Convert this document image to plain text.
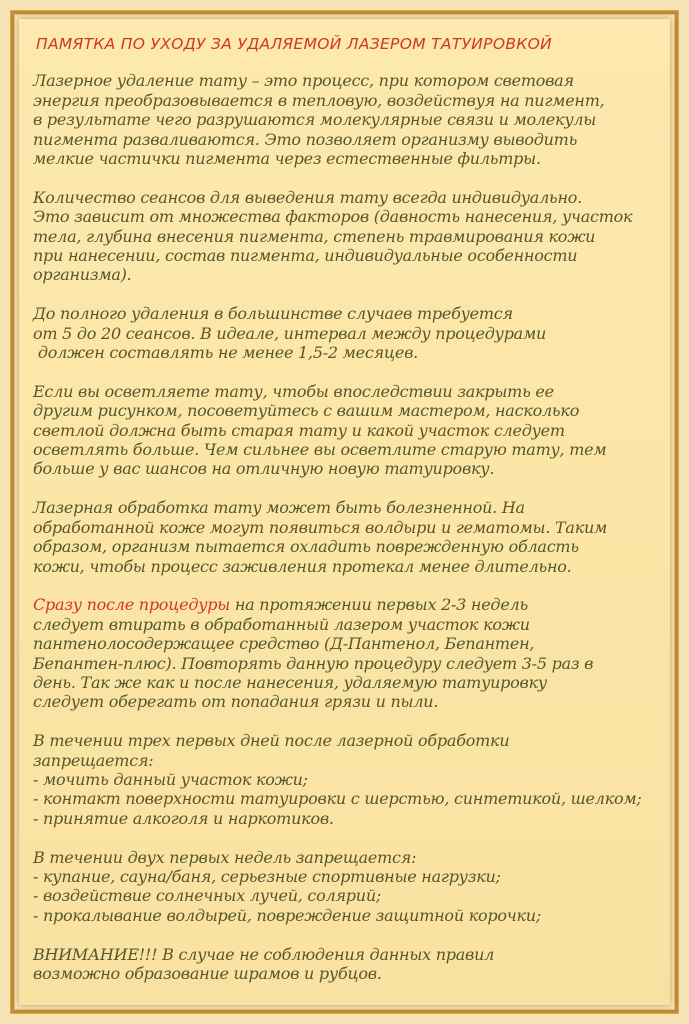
ПАМЯТКА ПО УХОДУ ЗА УДАЛЯЕМОЙ ЛАЗЕРОМ ТАТУИРОВКОЙ
Лазерное удаление тату – это процесс, при котором световая
энергия преобразовывается в тепловую, воздействуя на пигмент,
в результате чего разрушаются молекулярные связи и молекулы
пигмента разваливаются. Это позволяет организму выводить
мелкие частички пигмента через естественные фильтры.
Количество сеансов для выведения тату всегда индивидуально.
Это зависит от множества факторов (давность нанесения, участок
тела, глубина внесения пигмента, степень травмирования кожи
при нанесении, состав пигмента, индивидуальные особенности
организма).
До полного удаления в большинстве случаев требуется
от 5 до 20 сеансов. В идеале, интервал между процедурами
должен составлять не менее 1,5-2 месяцев.
Если вы осветляете тату, чтобы впоследствии закрыть ее
другим рисунком, посоветуйтесь с вашим мастером, насколько
светлой должна быть старая тату и какой участок следует
осветлять больше. Чем сильнее вы осветлите старую тату, тем
больше у вас шансов на отличную новую татуировку.
Лазерная обработка тату может быть болезненной. На
обработанной коже могут появиться волдыри и гематомы. Таким
образом, организм пытается охладить поврежденную область
кожи, чтобы процесс заживления протекал менее длительно.
Сразу после процедуры на протяжении первых 2-3 недель
следует втирать в обработанный лазером участок кожи
пантенолосодержащее средство (Д-Пантенол, Бепантен,
Бепантен-плюс). Повторять данную процедуру следует 3-5 раз в
день. Так же как и после нанесения, удаляемую татуировку
следует оберегать от попадания грязи и пыли.
В течении трех первых дней после лазерной обработки
запрещается:
- мочить данный участок кожи;
- контакт поверхности татуировки с шерстью, синтетикой, шелком;
- принятие алкоголя и наркотиков.
В течении двух первых недель запрещается:
- купание, сауна/баня, серьезные спортивные нагрузки;
- воздействие солнечных лучей, солярий;
- прокалывание волдырей, повреждение защитной корочки;
ВНИМАНИЕ!!! В случае не соблюдения данных правил
возможно образование шрамов и рубцов.
